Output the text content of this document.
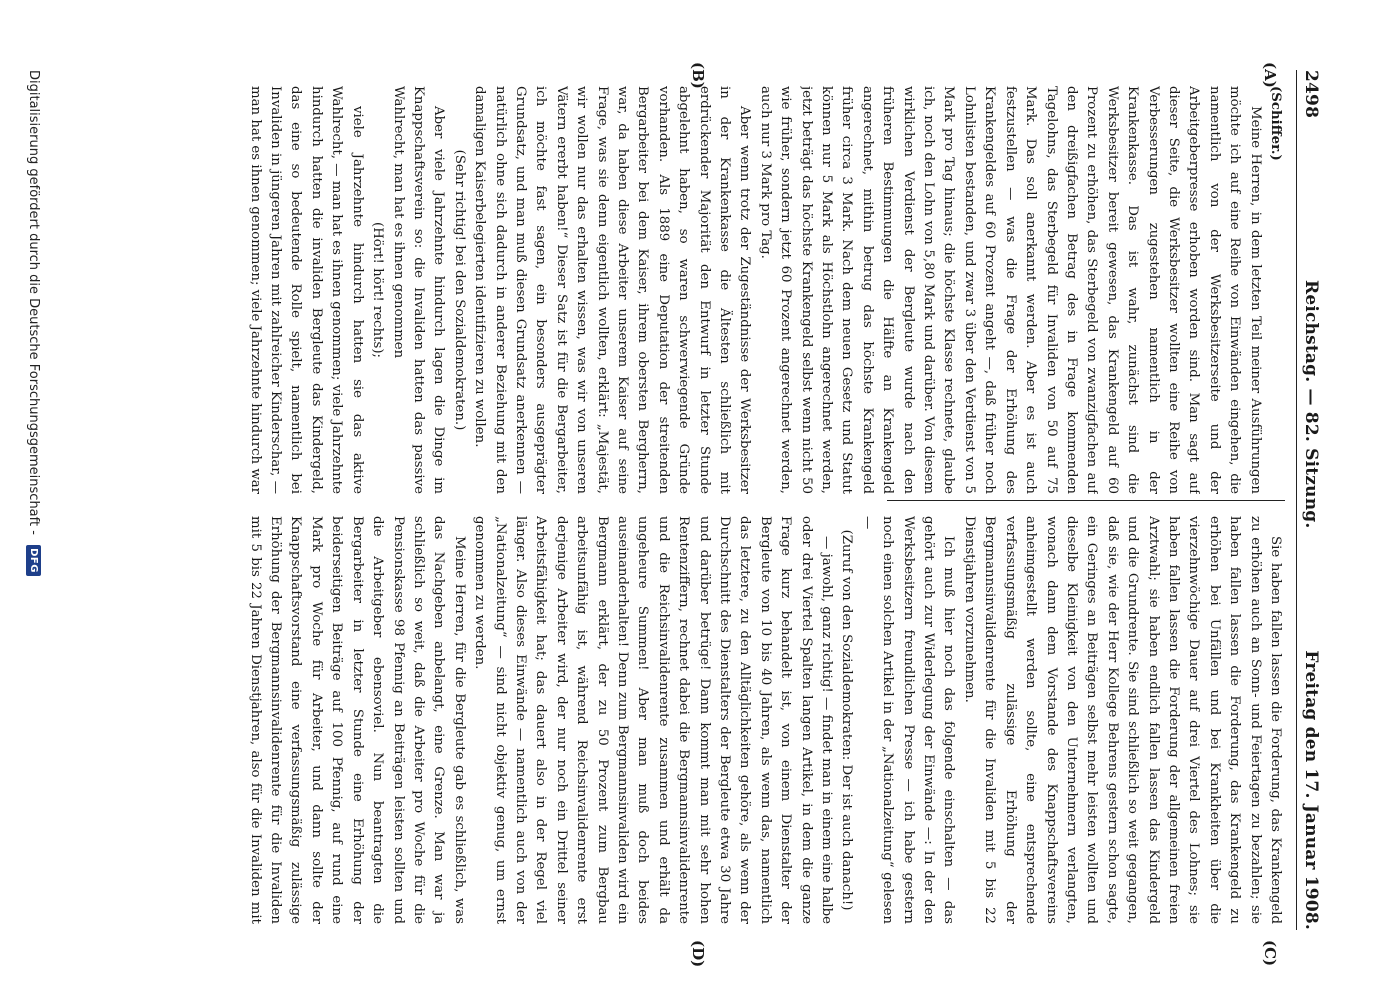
2498
Reichstag. — 82. Sitzung.
Freitag den 17. Januar 1908.
(A)
(B)
(C)
(D)

(Schiffer.)

Meine Herren, in dem letzten Teil meiner Ausführungen möchte ich auf eine Reihe von Einwänden eingehen, die namentlich von der Werksbesitzerseite und der Arbeitgeberpresse erhoben worden sind. Man sagt auf dieser Seite, die Werksbesitzer wollten eine Reihe von Verbesserungen zugestehen namentlich in der Krankenkasse. Das ist wahr, zunächst sind die Werksbesitzer bereit gewesen, das Krankengeld auf 60 Prozent zu erhöhen, das Sterbegeld von zwanzigfachen auf den dreißigfachen Betrag des in Frage kommenden Tagelohns, das Sterbegeld für Invaliden von 50 auf 75 Mark. Das soll anerkannt werden. Aber es ist auch festzustellen — was die Frage der Erhöhung des Krankengeldes auf 60 Prozent angeht —, daß früher noch Lohnlisten bestanden, und zwar 3 über den Verdienst von 5 Mark pro Tag hinaus; die höchste Klasse rechnete, glaube ich, noch den Lohn von 5,80 Mark und darüber. Von diesem wirklichen Verdienst der Bergleute wurde nach den früheren Bestimmungen die Hälfte an Krankengeld angerechnet, mithin betrug das höchste Krankengeld früher circa 3 Mark. Nach dem neuen Gesetz und Statut können nur 5 Mark als Höchstlohn angerechnet werden, jetzt beträgt das höchste Krankengeld selbst wenn nicht 50 wie früher, sondern jetzt 60 Prozent angerechnet werden, auch nur 3 Mark pro Tag.

Aber wenn trotz der Zugeständnisse der Werksbesitzer in der Krankenkasse die Ältesten schließlich mit erdrückender Majorität den Entwurf in letzter Stunde abgelehnt haben, so waren schwerwiegende Gründe vorhanden. Als 1889 eine Deputation der streitenden Bergarbeiter bei dem Kaiser, ihrem obersten Bergherrn, war, da haben diese Arbeiter unserem Kaiser auf seine Frage, was sie denn eigentlich wollten, erklärt: „Majestät, wir wollen nur das erhalten wissen, was wir von unseren Vätern ererbt haben!“ Dieser Satz ist für die Bergarbeiter, ich möchte fast sagen, ein besonders ausgeprägter Grundsatz, und man muß diesen Grundsatz anerkennen — natürlich ohne sich dadurch in anderer Beziehung mit den damaligen Kaiserbelegierten identifizieren zu wollen.

(Sehr richtig! bei den Sozialdemokraten.)

Aber viele Jahrzehnte hindurch lagen die Dinge im Knappschaftsverein so: die Invaliden hatten das passive Wahlrecht, man hat es ihnen genommen

(Hört! hört! rechts);

viele Jahrzehnte hindurch hatten sie das aktive Wahlrecht, — man hat es ihnen genommen; viele Jahrzehnte hindurch hatten die invaliden Bergleute das Kindergeld, das eine so bedeutende Rolle spielt, namentlich bei Invaliden in jüngeren Jahren mit zahlreicher Kinderschar, — man hat es ihnen genommen; viele Jahrzehnte hindurch war

Sie haben fallen lassen die Forderung, das Krankengeld zu erhöhen auch an Sonn- und Feiertagen zu bezahlen; sie haben fallen lassen die Forderung, das Krankengeld zu erhöhen bei Unfällen und bei Krankheiten über die vierzehnwöchige Dauer auf drei Viertel des Lohnes; sie haben fallen lassen die Forderung der allgemeinen freien Arztwahl; sie haben endlich fallen lassen das Kindergeld und die Grundrente. Sie sind schließlich so weit gegangen, daß sie, wie der Herr Kollege Behrens gestern schon sagte, ein Geringes an Beiträgen selbst mehr leisten wollten und dieselbe Kleinigkeit von den Unternehmern verlangten, wonach dann dem Vorstande des Knappschaftsvereins anheimgestellt werden sollte, eine entsprechende verfassungsmäßig zulässige Erhöhung der Bergmannsinvalidenrente für die Invaliden mit 5 bis 22 Dienstjahren vorzunehmen.

Ich muß hier noch das folgende einschalten — das gehört auch zur Widerlegung der Einwände —: In der den Werksbesitzern freundlichen Presse — ich habe gestern noch einen solchen Artikel in der „Nationalzeitung“ gelesen —

(Zuruf von den Sozialdemokraten: Der ist auch danach!)

— jawohl, ganz richtig! — findet man in einem eine halbe oder drei Viertel Spalten langen Artikel, in dem die ganze Frage kurz behandelt ist, von einem Dienstalter der Bergleute von 10 bis 40 Jahren, als wenn das, namentlich das letztere, zu den Alltäglichkeiten gehöre, als wenn der Durchschnitt des Dienstalters der Bergleute etwa 30 Jahre und darüber betrüge! Dann kommt man mit sehr hohen Rentenziffern, rechnet dabei die Bergmannsinvalidenrente und die Reichsinvalidenrente zusammen und erhält da ungeheure Summen! Aber man muß doch beides auseinanderhalten! Denn zum Bergmannsinvaliden wird ein Bergmann erklärt, der zu 50 Prozent zum Bergbau arbeitsunfähig ist, während Reichsinvalidenrente erst derjenige Arbeiter wird, der nur noch ein Drittel seiner Arbeitsfähigkeit hat; das dauert also in der Regel viel länger. Also dieses Einwände — namentlich auch von der „Nationalzeitung“ — sind nicht objektiv genug, um ernst genommen zu werden.

Meine Herren, für die Bergleute gab es schließlich, was das Nachgeben anbelangt, eine Grenze. Man war ja schließlich so weit, daß die Arbeiter pro Woche für die Pensionskasse 98 Pfennig an Beiträgen leisten sollten und die Arbeitgeber ebensoviel. Nun beantragten die Bergarbeiter in letzter Stunde eine Erhöhung der beiderseitigen Beiträge auf 100 Pfennig, auf rund eine Mark pro Woche für Arbeiter, und dann sollte der Knappschaftsvorstand eine verfassungsmäßig zulässige Erhöhung der Bergmannsinvalidenrente für die Invaliden mit 5 bis 22 Jahren Dienstjahren, also für die Invaliden mit

Digitalisierung gefördert durch die Deutsche Forschungsgemeinschaft - DFG
